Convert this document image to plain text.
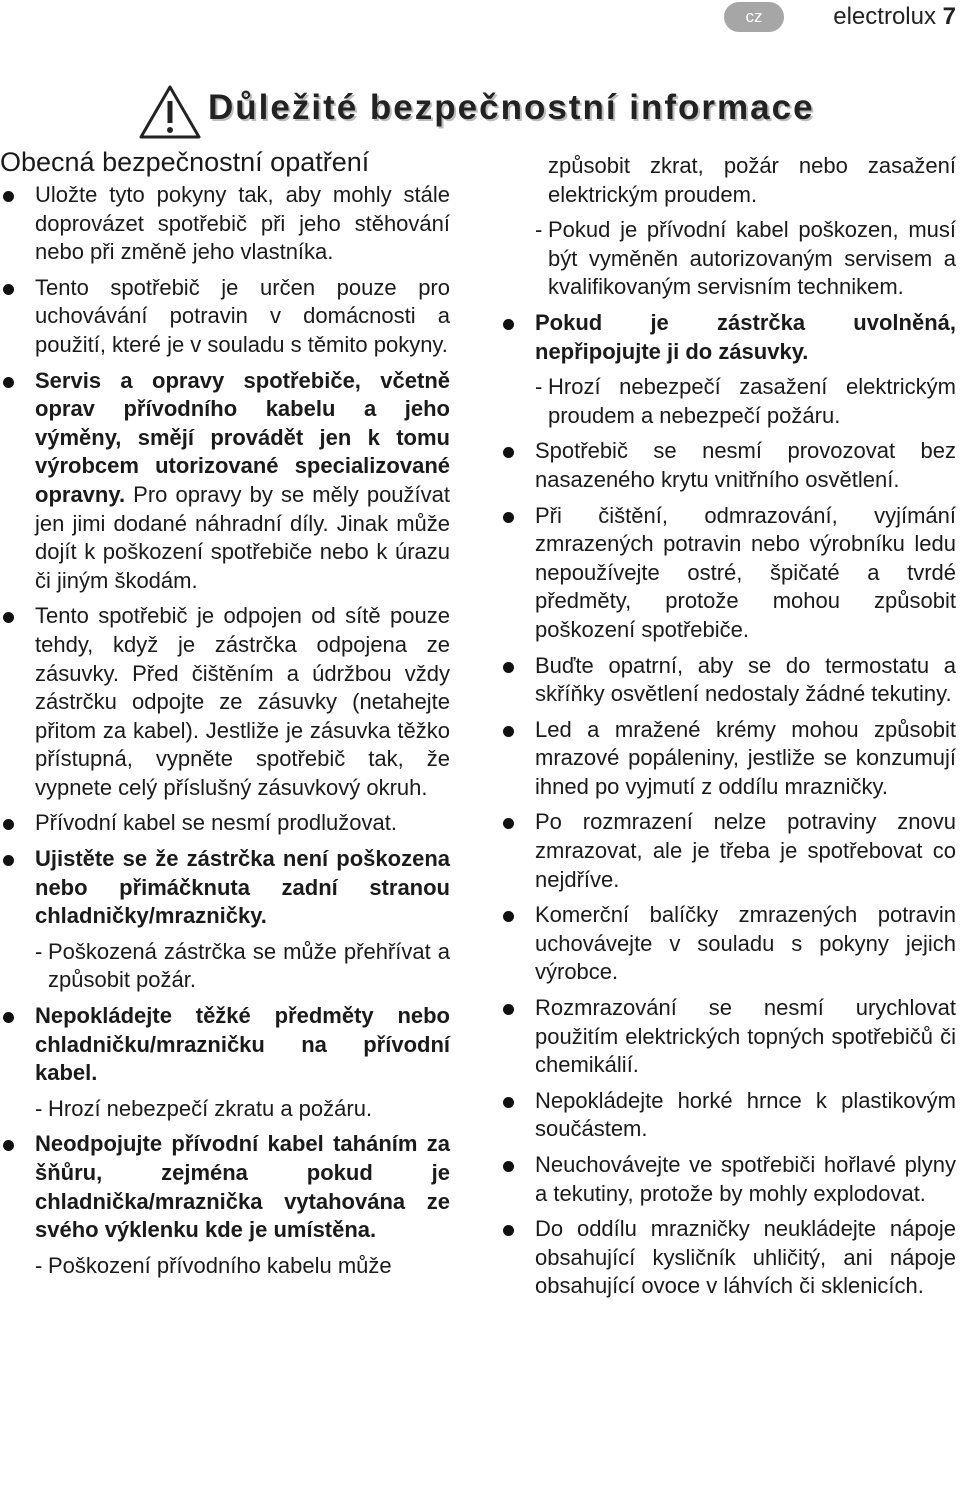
cz	electrolux 7
Důležité bezpečnostní informace
Obecná bezpečnostní opatření
Uložte tyto pokyny tak, aby mohly stále doprovázet spotřebič při jeho stěhování nebo při změně jeho vlastníka.
Tento spotřebič je určen pouze pro uchovávání potravin v domácnosti a použití, které je v souladu s těmito pokyny.
Servis a opravy spotřebiče, včetně oprav přívodního kabelu a jeho výměny, smějí provádět jen k tomu výrobcem utorizované specializované opravny. Pro opravy by se měly používat jen jimi dodané náhradní díly. Jinak může dojít k poškození spotřebiče nebo k úrazu či jiným škodám.
Tento spotřebič je odpojen od sítě pouze tehdy, když je zástrčka odpojena ze zásuvky. Před čištěním a údržbou vždy zástrčku odpojte ze zásuvky (netahejte přitom za kabel). Jestliže je zásuvka těžko přístupná, vypněte spotřebič tak, že vypnete celý příslušný zásuvkový okruh.
Přívodní kabel se nesmí prodlužovat.
Ujistěte se že zástrčka není poškozena nebo přimáčknuta zadní stranou chladničky/mrazničky.
- Poškozená zástrčka se může přehřívat a způsobit požár.
Nepokládejte těžké předměty nebo chladničku/mrazničku na přívodní kabel.
- Hrozí nebezpečí zkratu a požáru.
Neodpojujte přívodní kabel taháním za šňůru, zejména pokud je chladnička/mraznička vytahována ze svého výklenku kde je umístěna.
- Poškození přívodního kabelu může
způsobit zkrat, požár nebo zasažení elektrickým proudem.
- Pokud je přívodní kabel poškozen, musí být vyměněn autorizovaným servisem a kvalifikovaným servisním technikem.
Pokud je zástrčka uvolněná, nepřipojujte ji do zásuvky.
- Hrozí nebezpečí zasažení elektrickým proudem a nebezpečí požáru.
Spotřebič se nesmí provozovat bez nasazeného krytu vnitřního osvětlení.
Při čištění, odmrazování, vyjímání zmrazených potravin nebo výrobníku ledu nepoužívejte ostré, špičaté a tvrdé předměty, protože mohou způsobit poškození spotřebiče.
Buďte opatrní, aby se do termostatu a skříňky osvětlení nedostaly žádné tekutiny.
Led a mražené krémy mohou způsobit mrazové popáleniny, jestliže se konzumují ihned po vyjmutí z oddílu mrazničky.
Po rozmrazení nelze potraviny znovu zmrazovat, ale je třeba je spotřebovat co nejdříve.
Komerční balíčky zmrazených potravin uchovávejte v souladu s pokyny jejich výrobce.
Rozmrazování se nesmí urychlovat použitím elektrických topných spotřebičů či chemikálií.
Nepokládejte horké hrnce k plastikovým součástem.
Neuchovávejte ve spotřebiči hořlavé plyny a tekutiny, protože by mohly explodovat.
Do oddílu mrazničky neukládejte nápoje obsahující kysličník uhličitý, ani nápoje obsahující ovoce v láhvích či sklenicích.
